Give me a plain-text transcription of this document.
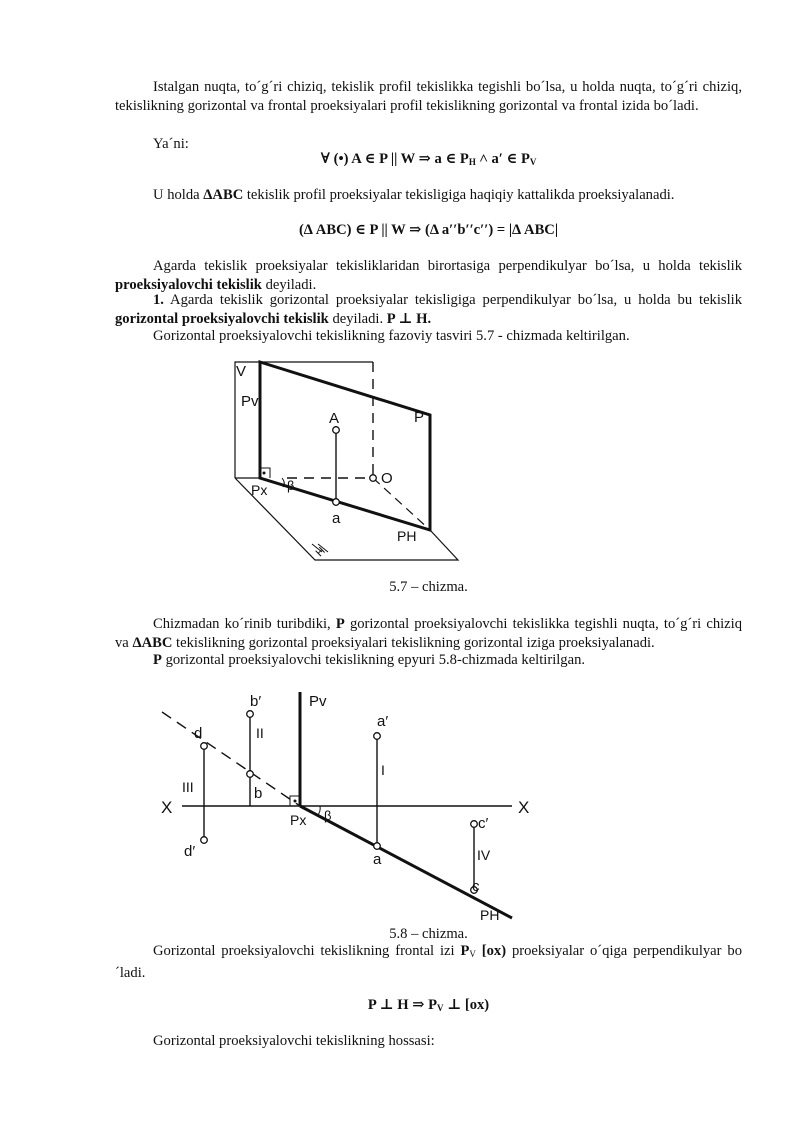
Istalgan nuqta, to´g´ri chiziq, tekislik profil tekislikka tegishli bo´lsa, u holda nuqta, to´g´ri chiziq, tekislikning gorizontal va frontal proeksiyalari profil tekislikning gorizontal va frontal izida bo´ladi.

Ya´ni:

∀ (•) A ∈ P || W ⇒ a ∈ $P_H$ ˄ a′ ∈ $P_V$

U holda ΔABC tekislik profil proeksiyalar tekisligiga haqiqiy kattalikda proeksiyalanadi.

(Δ ABC) ∈ P || W ⇒ (Δ a′′b′′c′′) = |Δ ABC|

Agarda tekislik proeksiyalar tekisliklaridan birortasiga perpendikulyar bo´lsa, u holda tekislik proeksiyalovchi tekislik deyiladi.

1. Agarda tekislik gorizontal proeksiyalar tekisligiga perpendikulyar bo´lsa, u holda bu tekislik gorizontal proeksiyalovchi tekislik deyiladi. P ⊥ H.

Gorizontal proeksiyalovchi tekislikning fazoviy tasviri 5.7 - chizmada keltirilgan.

V
Pv
A	P
O
Px β
a
PH
H

5.7 – chizma.

Chizmadan ko´rinib turibdiki, P gorizontal proeksiyalovchi tekislikka tegishli nuqta, to´g´ri chiziq va ΔABC tekislikning gorizontal proeksiyalari tekislikning gorizontal iziga proeksiyalanadi.

P gorizontal proeksiyalovchi tekislikning epyuri 5.8-chizmada keltirilgan.

Pv
b′
d	II
a′
I
III	b
X	X
Px β	c′
d′	a	IV
c
PH

5.8 – chizma.

Gorizontal proeksiyalovchi tekislikning frontal izi $P_V$ [ox) proeksiyalar o´qiga perpendikulyar bo´ladi.

P ⊥ H ⇒ $P_V$ ⊥ [ox)

Gorizontal proeksiyalovchi tekislikning hossasi:
